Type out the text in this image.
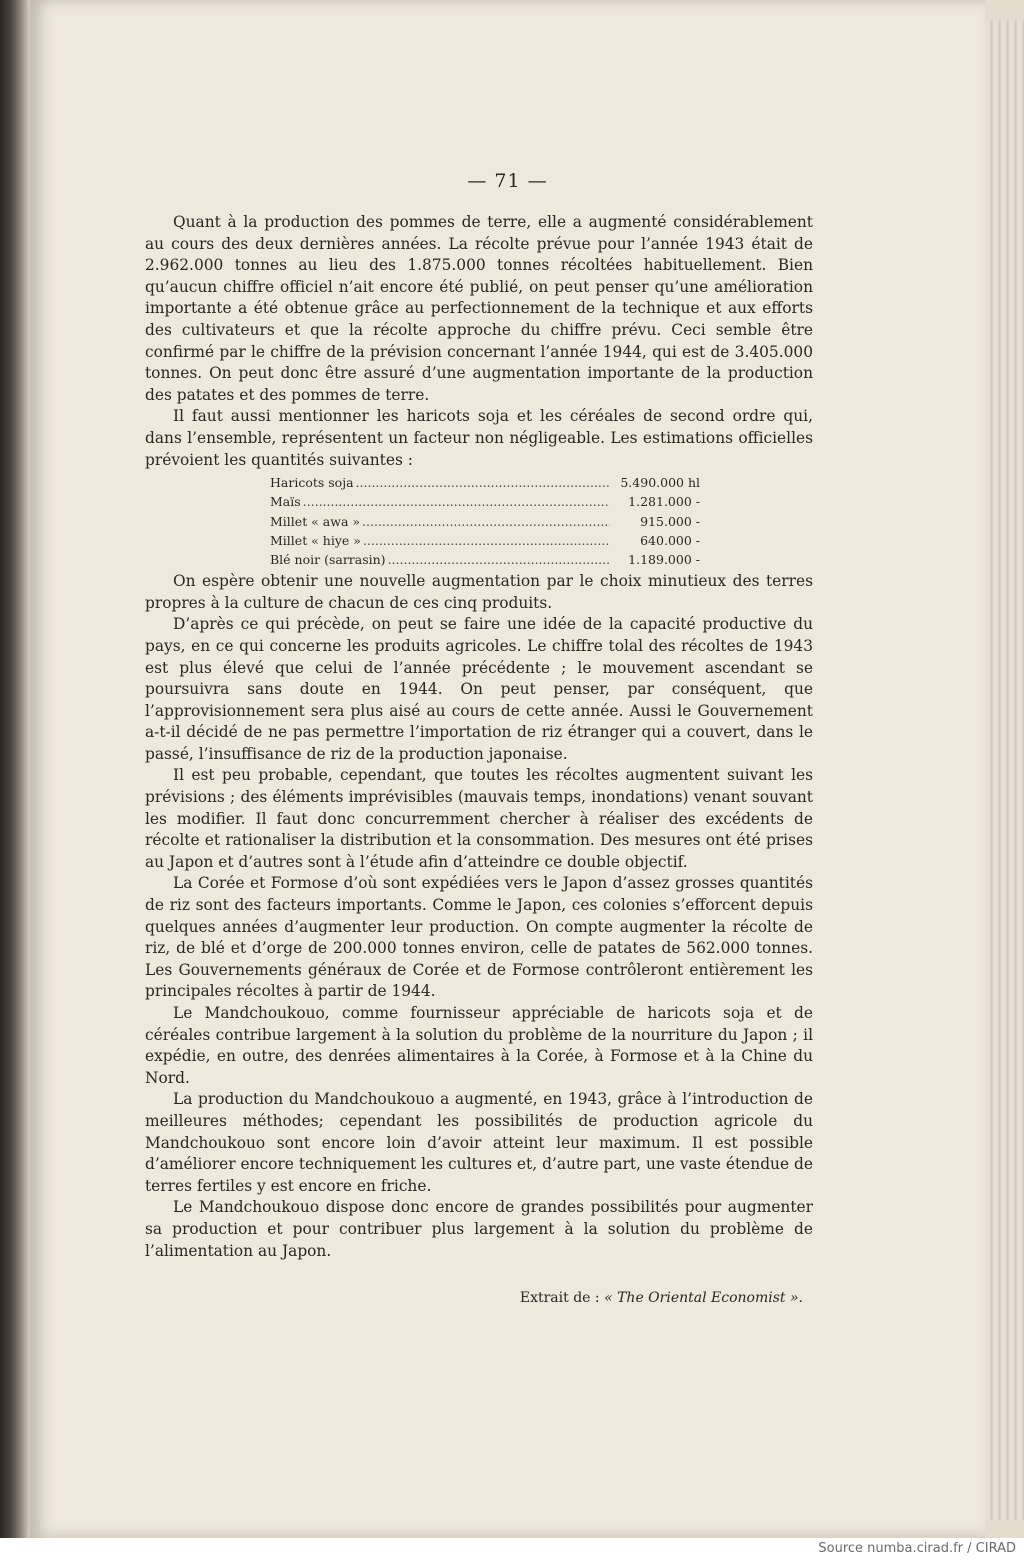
— 71 —

Quant à la production des pommes de terre, elle a augmenté considérablement au cours des deux dernières années. La récolte prévue pour l’année 1943 était de 2.962.000 tonnes au lieu des 1.875.000 tonnes récoltées habituellement. Bien qu’aucun chiffre officiel n’ait encore été publié, on peut penser qu’une amélioration importante a été obtenue grâce au perfectionnement de la technique et aux efforts des cultivateurs et que la récolte approche du chiffre prévu. Ceci semble être confirmé par le chiffre de la prévision concernant l’année 1944, qui est de 3.405.000 tonnes. On peut donc être assuré d’une augmentation importante de la production des patates et des pommes de terre.

Il faut aussi mentionner les haricots soja et les céréales de second ordre qui, dans l’ensemble, représentent un facteur non négligeable. Les estimations officielles prévoient les quantités suivantes :

Haricots soja .....	5.490.000 hl
Maïs .....	1.281.000 -
Millet « awa » .....	915.000 -
Millet « hiye » .....	640.000 -
Blé noir (sarrasin) .....	1.189.000 -

On espère obtenir une nouvelle augmentation par le choix minutieux des terres propres à la culture de chacun de ces cinq produits.

D’après ce qui précède, on peut se faire une idée de la capacité productive du pays, en ce qui concerne les produits agricoles. Le chiffre tolal des récoltes de 1943 est plus élevé que celui de l’année précédente ; le mouvement ascendant se poursuivra sans doute en 1944. On peut penser, par conséquent, que l’approvisionnement sera plus aisé au cours de cette année. Aussi le Gouvernement a-t-il décidé de ne pas permettre l’importation de riz étranger qui a couvert, dans le passé, l’insuffisance de riz de la production japonaise.

Il est peu probable, cependant, que toutes les récoltes augmentent suivant les prévisions ; des éléments imprévisibles (mauvais temps, inondations) venant souvant les modifier. Il faut donc concurremment chercher à réaliser des excédents de récolte et rationaliser la distribution et la consommation. Des mesures ont été prises au Japon et d’autres sont à l’étude afin d’atteindre ce double objectif.

La Corée et Formose d’où sont expédiées vers le Japon d’assez grosses quantités de riz sont des facteurs importants. Comme le Japon, ces colonies s’efforcent depuis quelques années d’augmenter leur production. On compte augmenter la récolte de riz, de blé et d’orge de 200.000 tonnes environ, celle de patates de 562.000 tonnes. Les Gouvernements généraux de Corée et de Formose contrôleront entièrement les principales récoltes à partir de 1944.

Le Mandchoukouo, comme fournisseur appréciable de haricots soja et de céréales contribue largement à la solution du problème de la nourriture du Japon ; il expédie, en outre, des denrées alimentaires à la Corée, à Formose et à la Chine du Nord.

La production du Mandchoukouo a augmenté, en 1943, grâce à l’introduction de meilleures méthodes; cependant les possibilités de production agricole du Mandchoukouo sont encore loin d’avoir atteint leur maximum. Il est possible d’améliorer encore techniquement les cultures et, d’autre part, une vaste étendue de terres fertiles y est encore en friche.

Le Mandchoukouo dispose donc encore de grandes possibilités pour augmenter sa production et pour contribuer plus largement à la solution du problème de l’alimentation au Japon.

Extrait de : « The Oriental Economist ».
Source numba.cirad.fr / CIRAD
